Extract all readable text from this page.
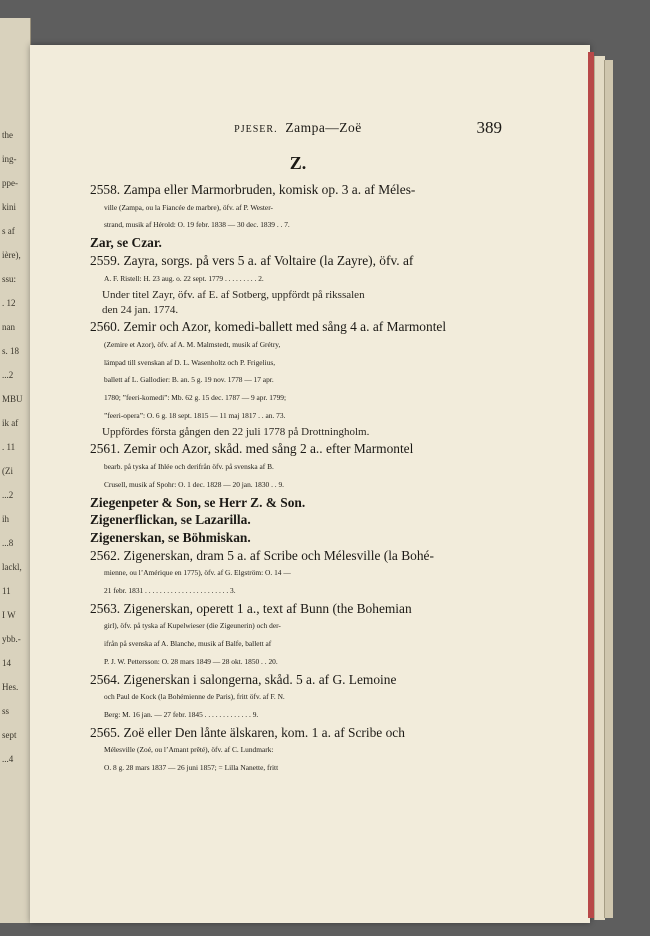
the
ing-
ppe-
kini
s af
ière),
ssu:
. 12
nan
s. 18
...2
MBU
ik af
. 11
(Zi
...2
ih
...8
lackl,
11
I W
ybb.-
14
Hes.
ss
sept
...4
PJESER. Zampa—Zoë	389
Z.
2558. Zampa eller Marmorbruden, komisk op. 3 a. af Méles-
ville (Zampa, ou la Fiancée de marbre), öfv. af P. Wester-
strand, musik af Hérold: O. 19 febr. 1838 — 30 dec. 1839 . . 7.
Zar, se Czar.
2559. Zayra, sorgs. på vers 5 a. af Voltaire (la Zayre), öfv. af
A. F. Ristell: H. 23 aug. o. 22 sept. 1779 . . . . . . . . . 2.
Under titel Zayr, öfv. af E. af Sotberg, uppfördt på rikssalen
den 24 jan. 1774.
2560. Zemir och Azor, komedi-ballett med sång 4 a. af Marmontel
(Zemire et Azor), öfv. af A. M. Malmstedt, musik af Grétry,
lämpad till svenskan af D. L. Wasenholtz och P. Frigelius,
ballett af L. Gallodier: B. an. 5 g. 19 nov. 1778 — 17 apr.
1780; ”feeri-komedi”: Mb. 62 g. 15 dec. 1787 — 9 apr. 1799;
”feeri-opera”: O. 6 g. 18 sept. 1815 — 11 maj 1817 . . an. 73.
Uppfördes första gången den 22 juli 1778 på Drottningholm.
2561. Zemir och Azor, skåd. med sång 2 a.. efter Marmontel
bearb. på tyska af Ihlée och derifrån öfv. på svenska af B.
Crusell, musik af Spohr: O. 1 dec. 1828 — 20 jan. 1830 . . 9.
Ziegenpeter & Son, se Herr Z. & Son.
Zigenerflickan, se Lazarilla.
Zigenerskan, se Böhmiskan.
2562. Zigenerskan, dram 5 a. af Scribe och Mélesville (la Bohé-
mienne, ou l’Amérique en 1775), öfv. af G. Elgström: O. 14 —
21 febr. 1831 . . . . . . . . . . . . . . . . . . . . . . . 3.
2563. Zigenerskan, operett 1 a., text af Bunn (the Bohemian
girl), öfv. på tyska af Kupelwieser (die Zigeunerin) och der-
ifrån på svenska af A. Blanche, musik af Balfe, ballett af
P. J. W. Pettersson: O. 28 mars 1849 — 28 okt. 1850 . . 20.
2564. Zigenerskan i salongerna, skåd. 5 a. af G. Lemoine
och Paul de Kock (la Bohémienne de Paris), fritt öfv. af F. N.
Berg: M. 16 jan. — 27 febr. 1845 . . . . . . . . . . . . . 9.
2565. Zoë eller Den lånte älskaren, kom. 1 a. af Scribe och
Mélesville (Zoé, ou l’Amant prêté), öfv. af C. Lundmark:
O. 8 g. 28 mars 1837 — 26 juni 1857; = Lilla Nanette, fritt
